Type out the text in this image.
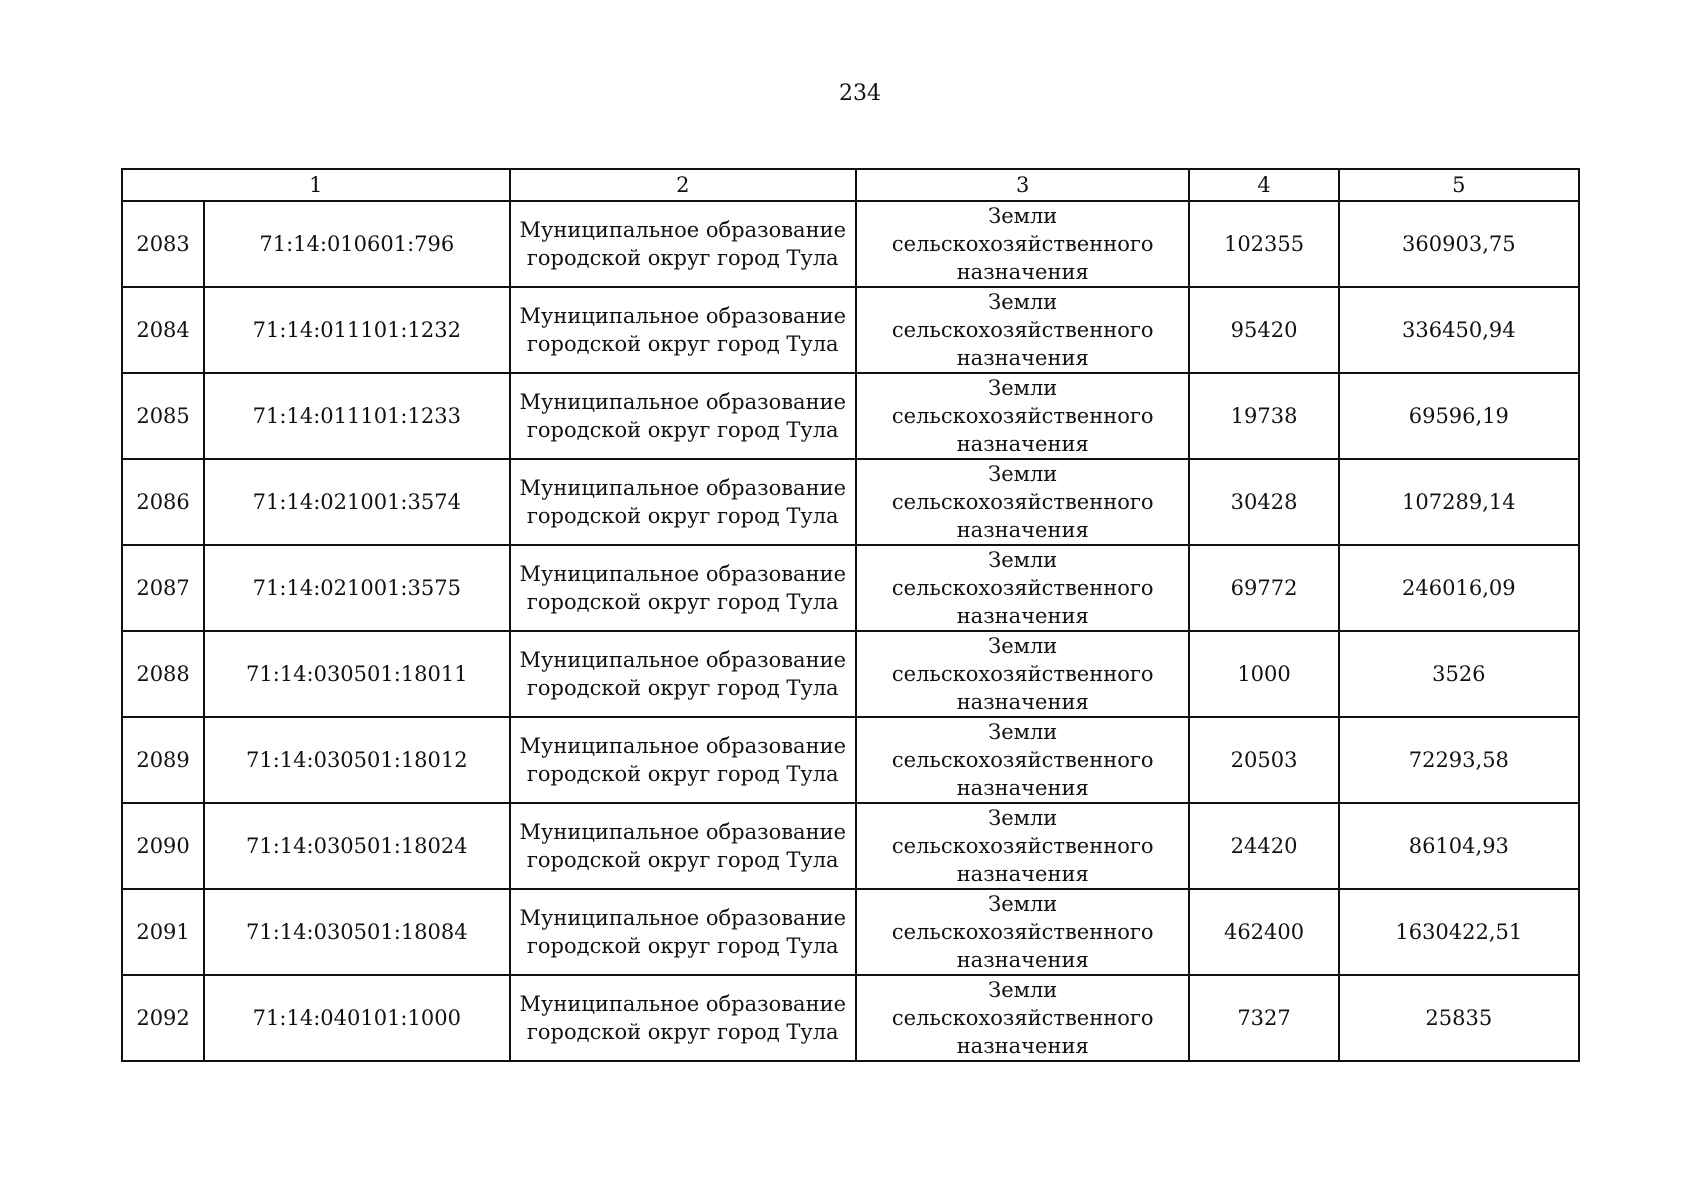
234
1		2	3	4	5
2083	71:14:010601:796	Муниципальное образование городской округ город Тула	Земли сельскохозяйственного назначения	102355	360903,75
2084	71:14:011101:1232	Муниципальное образование городской округ город Тула	Земли сельскохозяйственного назначения	95420	336450,94
2085	71:14:011101:1233	Муниципальное образование городской округ город Тула	Земли сельскохозяйственного назначения	19738	69596,19
2086	71:14:021001:3574	Муниципальное образование городской округ город Тула	Земли сельскохозяйственного назначения	30428	107289,14
2087	71:14:021001:3575	Муниципальное образование городской округ город Тула	Земли сельскохозяйственного назначения	69772	246016,09
2088	71:14:030501:18011	Муниципальное образование городской округ город Тула	Земли сельскохозяйственного назначения	1000	3526
2089	71:14:030501:18012	Муниципальное образование городской округ город Тула	Земли сельскохозяйственного назначения	20503	72293,58
2090	71:14:030501:18024	Муниципальное образование городской округ город Тула	Земли сельскохозяйственного назначения	24420	86104,93
2091	71:14:030501:18084	Муниципальное образование городской округ город Тула	Земли сельскохозяйственного назначения	462400	1630422,51
2092	71:14:040101:1000	Муниципальное образование городской округ город Тула	Земли сельскохозяйственного назначения	7327	25835
